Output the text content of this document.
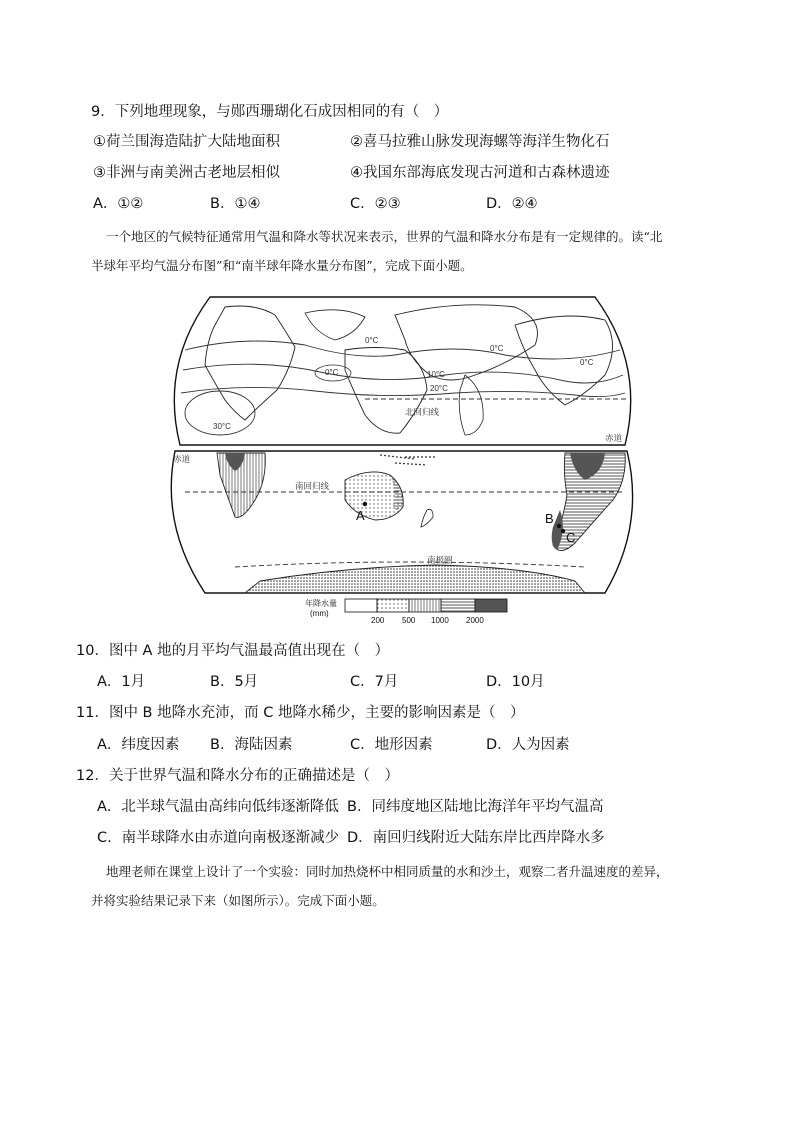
9．下列地理现象，与郧西珊瑚化石成因相同的有（　）
①荷兰围海造陆扩大陆地面积	②喜马拉雅山脉发现海螺等海洋生物化石
③非洲与南美洲古老地层相似	④我国东部海底发现古河道和古森林遗迹
A．①②	B．①④	C．②③	D．②④
一个地区的气候特征通常用气温和降水等状况来表示，世界的气温和降水分布是有一定规律的。读“北
半球年平均气温分布图”和“南半球年降水量分布图”，完成下面小题。
0°C
0°C
0°C
0°C	10°C
20°C
30°C
北回归线
赤道
赤道
南回归线
南极圈
A	B
C
年降水量
(mm)
200 500 1000 2000
10．图中 A 地的月平均气温最高值出现在（　）
A．1月	B．5月	C．7月	D．10月
11．图中 B 地降水充沛，而 C 地降水稀少，主要的影响因素是（　）
A．纬度因素 B．海陆因素	C．地形因素	D．人为因素
12．关于世界气温和降水分布的正确描述是（　）
A．北半球气温由高纬向低纬逐渐降低 B．同纬度地区陆地比海洋年平均气温高
C．南半球降水由赤道向南极逐渐减少 D．南回归线附近大陆东岸比西岸降水多
地理老师在课堂上设计了一个实验：同时加热烧杯中相同质量的水和沙土，观察二者升温速度的差异，
并将实验结果记录下来（如图所示）。完成下面小题。
